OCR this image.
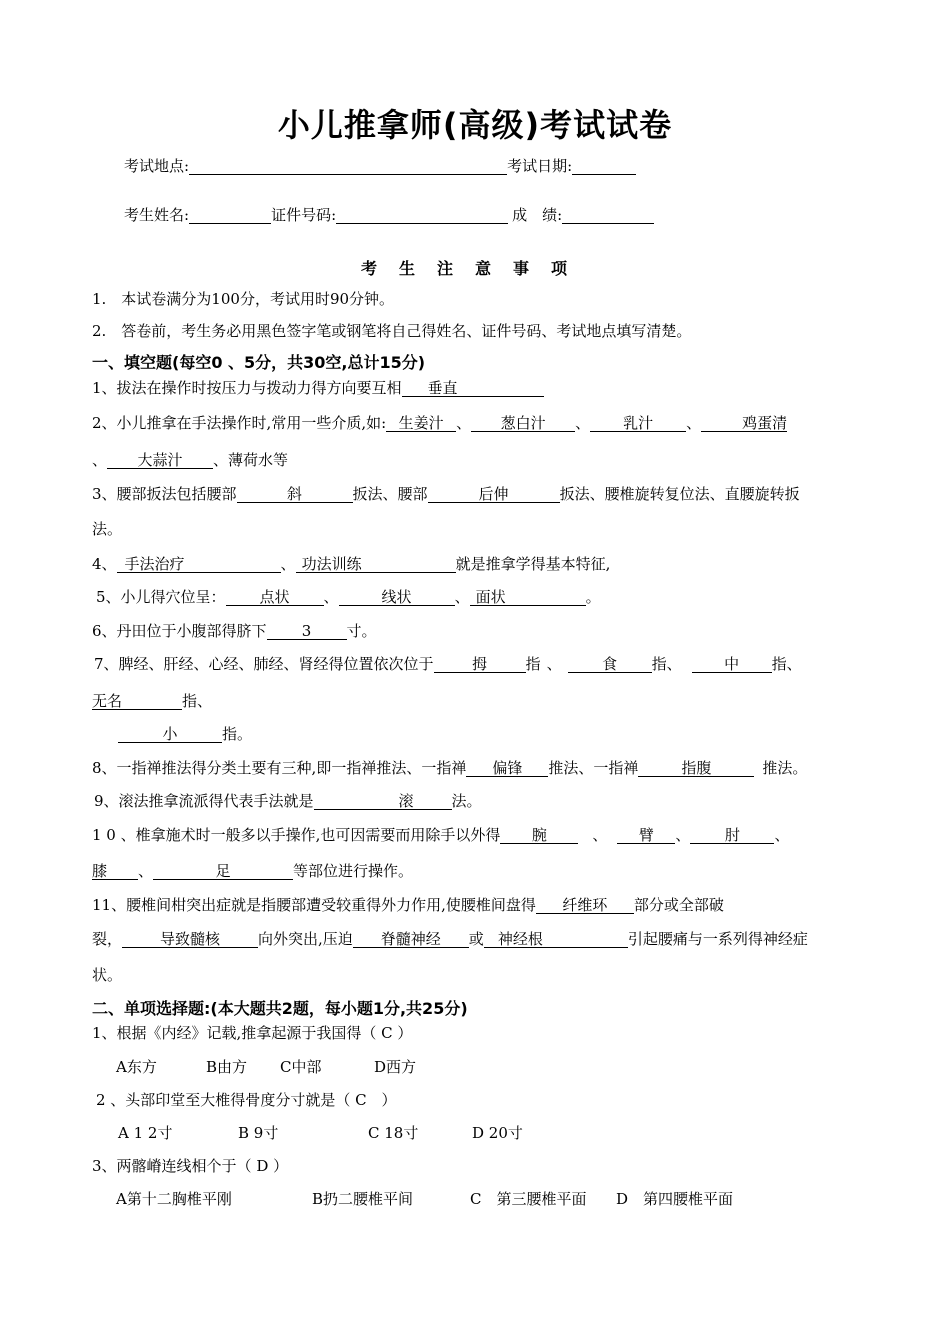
小儿推拿师(高级)考试试卷
考试地点:	考试日期:
考生姓名:	证件号码:	成　绩:
考生注意事项
1.　本试卷满分为100分，考试用时90分钟。
2.　答卷前，考生务必用黑色签字笔或钢笔将自己得姓名、证件号码、考试地点填写清楚。
一、填空题(每空0 、5分，共30空,总计15分)
1、拔法在操作时按压力与拨动力得方向要互相 垂直
2、小儿推拿在手法操作时,常用一些介质,如: 生姜汁 、 葱白汁 、 乳汁 、	鸡蛋清
、 大蒜汁 、薄荷水等
3、腰部扳法包括腰部	斜	扳法、腰部	后伸	扳法、腰椎旋转复位法、直腰旋转扳
法。
4、 手法治疗	、 功法训练	就是推拿学得基本特征,
5、小儿得穴位呈： 点状 、	线状	、 面状	。
6、丹田位于小腹部得脐下 3 寸。
7、脾经、肝经、心经、肺经、肾经得位置依次位于	拇	指 、	食 指、	中 指、
无名	指、
小	指。
8、一指禅推法得分类土要有三种,即一指禅推法、一指禅 偏锋 推法、一指禅	指腹	推法。
9、滚法推拿流派得代表手法就是	滚	法。
1 0 、椎拿施术时一般多以手操作,也可因需要而用除手以外得 腕	、 臂 、 肘 、
膝 、	足	等部位进行操作。
11、腰椎间柑突出症就是指腰部遭受较重得外力作用,使腰椎间盘得 纤维环 部分或全部破
裂，	导致髓核	向外突出,压迫 脊髓神经 或 神经根	引起腰痛与一系列得神经症
状。
二、单项选择题:(本大题共2题，每小题1分,共25分)
1、根据《内经》记载,推拿起源于我国得（ C ）
A东方	B由方 C中部	D西方
2 、头部印堂至大椎得骨度分寸就是（ C　）
A 1 2寸	B 9寸	C 18寸	D 20寸
3、两髂嵴连线相个于（ D ）
A第十二胸椎平刚	B扔二腰椎平间	C　第三腰椎平面 D　第四腰椎平面
